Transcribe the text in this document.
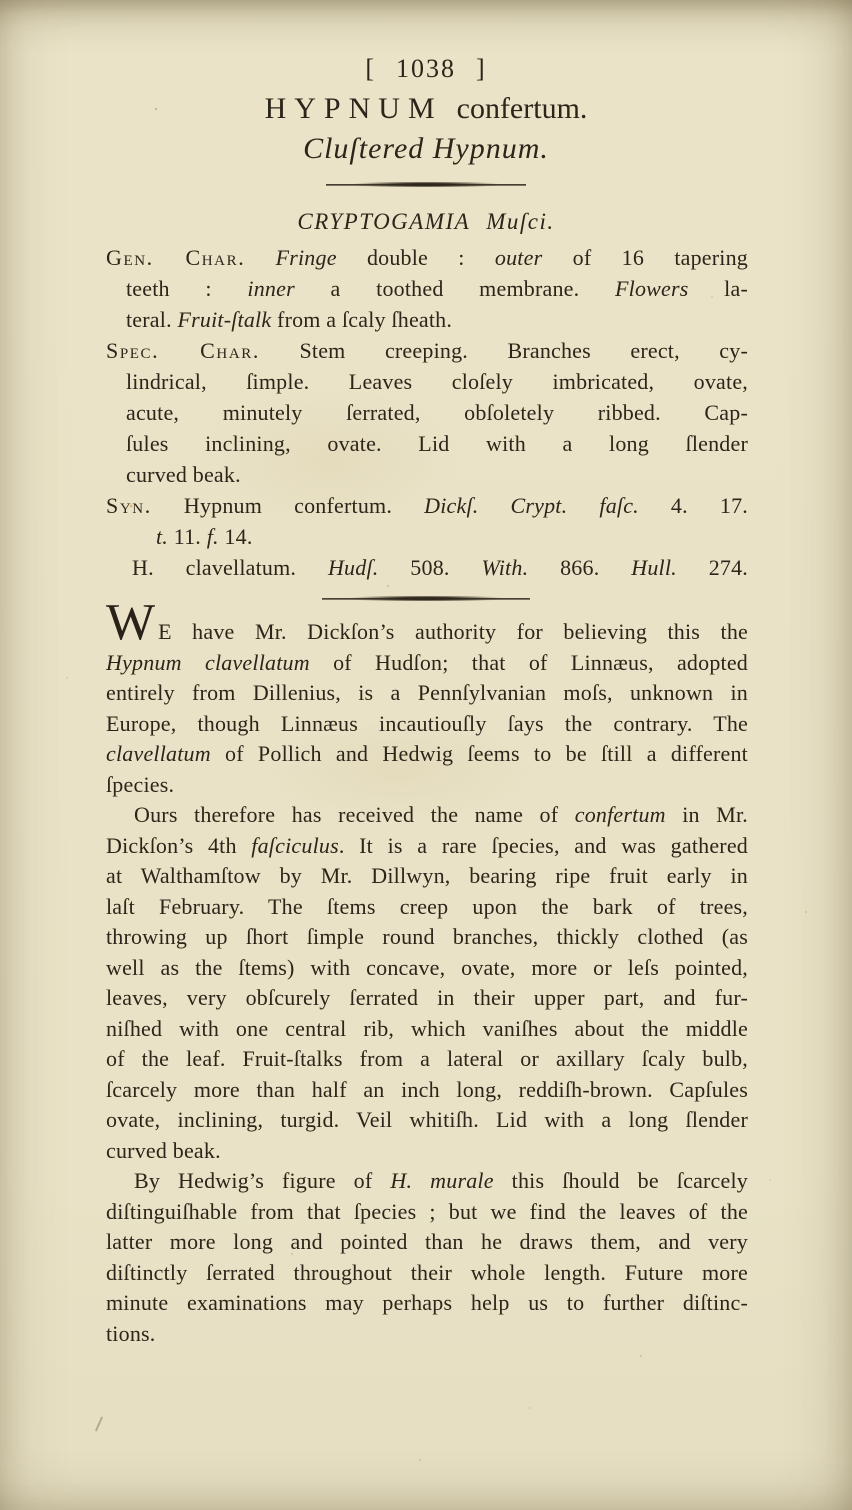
[ 1038 ]
HYPNUM confertum.
Cluſtered Hypnum.
CRYPTOGAMIA Muſci.
Gen. Char. Fringe double : outer of 16 tapering
teeth : inner a toothed membrane. Flowers la-
teral. Fruit-ſtalk from a ſcaly ſheath.
Spec. Char. Stem creeping. Branches erect, cy-
lindrical, ſimple. Leaves cloſely imbricated, ovate,
acute, minutely ſerrated, obſoletely ribbed. Cap-
ſules inclining, ovate. Lid with a long ſlender
curved beak.
Syn. Hypnum confertum. Dickſ. Crypt. faſc. 4. 17.
t. 11. f. 14.
H. clavellatum. Hudſ. 508. With. 866. Hull. 274.
W E have Mr. Dickſon’s authority for believing this the
Hypnum clavellatum of Hudſon; that of Linnæus, adopted
entirely from Dillenius, is a Pennſylvanian moſs, unknown in
Europe, though Linnæus incautiouſly ſays the contrary. The
clavellatum of Pollich and Hedwig ſeems to be ſtill a different
ſpecies.
Ours therefore has received the name of confertum in Mr.
Dickſon’s 4th faſciculus. It is a rare ſpecies, and was gathered
at Walthamſtow by Mr. Dillwyn, bearing ripe fruit early in
laſt February. The ſtems creep upon the bark of trees,
throwing up ſhort ſimple round branches, thickly clothed (as
well as the ſtems) with concave, ovate, more or leſs pointed,
leaves, very obſcurely ſerrated in their upper part, and fur-
niſhed with one central rib, which vaniſhes about the middle
of the leaf. Fruit-ſtalks from a lateral or axillary ſcaly bulb,
ſcarcely more than half an inch long, reddiſh-brown. Capſules
ovate, inclining, turgid. Veil whitiſh. Lid with a long ſlender
curved beak.
By Hedwig’s figure of H. murale this ſhould be ſcarcely
diſtinguiſhable from that ſpecies ; but we find the leaves of the
latter more long and pointed than he draws them, and very
diſtinctly ſerrated throughout their whole length. Future more
minute examinations may perhaps help us to further diſtinc-
tions.
